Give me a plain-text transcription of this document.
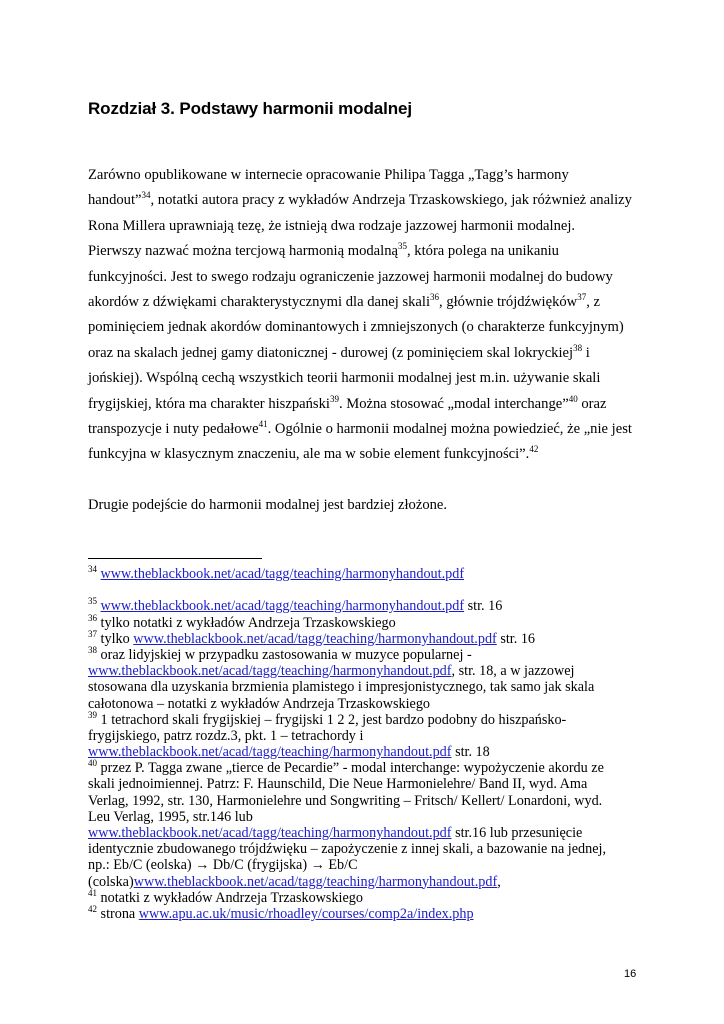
Rozdział 3. Podstawy harmonii modalnej
Zarówno opublikowane w internecie opracowanie Philipa Tagga „Tagg’s harmony
handout”$^{34}$, notatki autora pracy z wykładów Andrzeja Trzaskowskiego, jak różwnież analizy
Rona Millera uprawniają tezę, że istnieją dwa rodzaje jazzowej harmonii modalnej.
Pierwszy nazwać można tercjową harmonią modalną$^{35}$, która polega na unikaniu
funkcyjności. Jest to swego rodzaju ograniczenie jazzowej harmonii modalnej do budowy
akordów z dźwiękami charakterystycznymi dla danej skali$^{36}$, głównie trójdźwięków$^{37}$, z
pominięciem jednak akordów dominantowych i zmniejszonych (o charakterze funkcyjnym)
oraz na skalach jednej gamy diatonicznej - durowej (z pominięciem skal lokryckiej$^{38}$ i
jońskiej). Wspólną cechą wszystkich teorii harmonii modalnej jest m.in. używanie skali
frygijskiej, która ma charakter hiszpański$^{39}$. Można stosować „modal interchange”$^{40}$ oraz
transpozycje i nuty pedałowe$^{41}$. Ogólnie o harmonii modalnej można powiedzieć, że „nie jest
funkcyjna w klasycznym znaczeniu, ale ma w sobie element funkcyjności”.$^{42}$
Drugie podejście do harmonii modalnej jest bardziej złożone.
$^{34}$ www.theblackbook.net/acad/tagg/teaching/harmonyhandout.pdf
$^{35}$ www.theblackbook.net/acad/tagg/teaching/harmonyhandout.pdf str. 16
$^{36}$ tylko notatki z wykładów Andrzeja Trzaskowskiego
$^{37}$ tylko www.theblackbook.net/acad/tagg/teaching/harmonyhandout.pdf str. 16
$^{38}$ oraz lidyjskiej w przypadku zastosowania w muzyce popularnej -
www.theblackbook.net/acad/tagg/teaching/harmonyhandout.pdf, str. 18, a w jazzowej
stosowana dla uzyskania brzmienia plamistego i impresjonistycznego, tak samo jak skala
całotonowa – notatki z wykładów Andrzeja Trzaskowskiego
$^{39}$ 1 tetrachord skali frygijskiej – frygijski 1 2 2, jest bardzo podobny do hiszpańsko-
frygijskiego, patrz rozdz.3, pkt. 1 – tetrachordy i
www.theblackbook.net/acad/tagg/teaching/harmonyhandout.pdf str. 18
$^{40}$ przez P. Tagga zwane „tierce de Pecardie” - modal interchange: wypożyczenie akordu ze
skali jednoimiennej. Patrz: F. Haunschild, Die Neue Harmonielehre/ Band II, wyd. Ama
Verlag, 1992, str. 130, Harmonielehre und Songwriting – Fritsch/ Kellert/ Lonardoni, wyd.
Leu Verlag, 1995, str.146 lub
www.theblackbook.net/acad/tagg/teaching/harmonyhandout.pdf str.16 lub przesunięcie
identycznie zbudowanego trójdźwięku – zapożyczenie z innej skali, a bazowanie na jednej,
np.: Eb/C (eolska) → Db/C (frygijska) → Eb/C
(colska)www.theblackbook.net/acad/tagg/teaching/harmonyhandout.pdf,
$^{41}$ notatki z wykładów Andrzeja Trzaskowskiego
$^{42}$ strona www.apu.ac.uk/music/rhoadley/courses/comp2a/index.php
16
